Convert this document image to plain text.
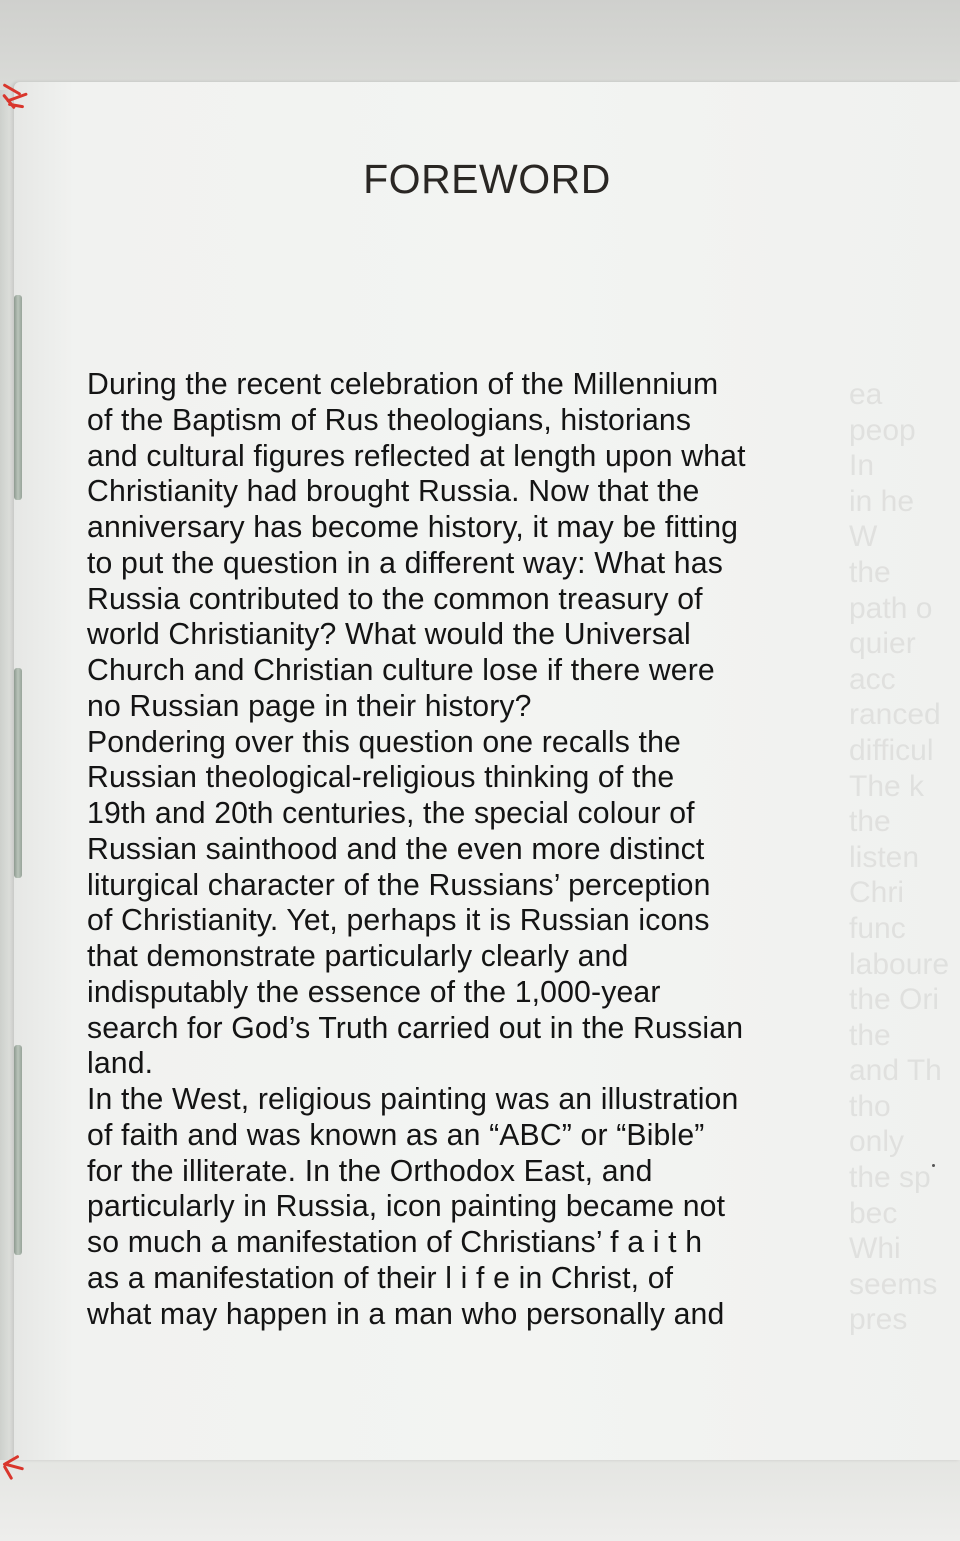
FOREWORD
ea
peop
In
in he
W
the
path o
quier
acc
ranced
difficul
The k
the
listen
Chri
func
laboure
the Ori
the
and Th
tho
only
the sp
bec
Whi
seems
pres
During the recent celebration of the Millennium
of the Baptism of Rus theologians, historians
and cultural figures reflected at length upon what
Christianity had brought Russia. Now that the
anniversary has become history, it may be fitting
to put the question in a different way: What has
Russia contributed to the common treasury of
world Christianity? What would the Universal
Church and Christian culture lose if there were
no Russian page in their history?
Pondering over this question one recalls the
Russian theological-religious thinking of the
19th and 20th centuries, the special colour of
Russian sainthood and the even more distinct
liturgical character of the Russians’ perception
of Christianity. Yet, perhaps it is Russian icons
that demonstrate particularly clearly and
indisputably the essence of the 1,000-year
search for God’s Truth carried out in the Russian
land.
In the West, religious painting was an illustration
of faith and was known as an “ABC” or “Bible”
for the illiterate. In the Orthodox East, and
particularly in Russia, icon painting became not
so much a manifestation of Christians’ f a i t h
as a manifestation of their l i f e in Christ, of
what may happen in a man who personally and
